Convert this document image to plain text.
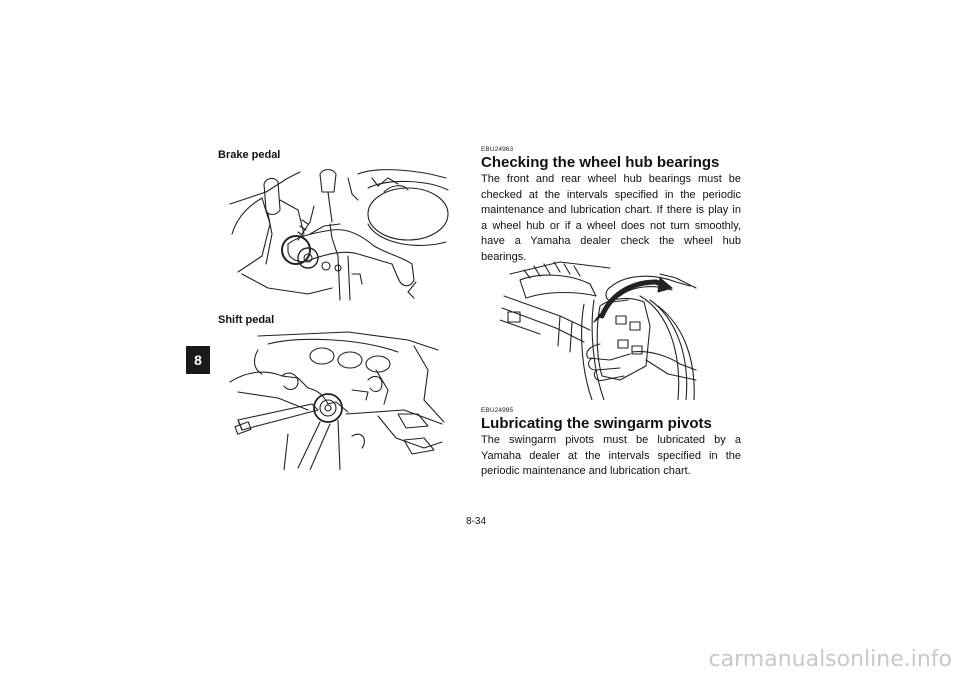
8
Brake pedal
Shift pedal
EBU24963
Checking the wheel hub bearings
The front and rear wheel hub bearings must be checked at the intervals specified in the periodic maintenance and lubrication chart. If there is play in a wheel hub or if a wheel does not turn smoothly, have a Yamaha dealer check the wheel hub bearings.
EBU24995
Lubricating the swingarm pivots
The swingarm pivots must be lubricated by a Yamaha dealer at the intervals specified in the periodic maintenance and lubrication chart.
8-34
carmanualsonline.info
